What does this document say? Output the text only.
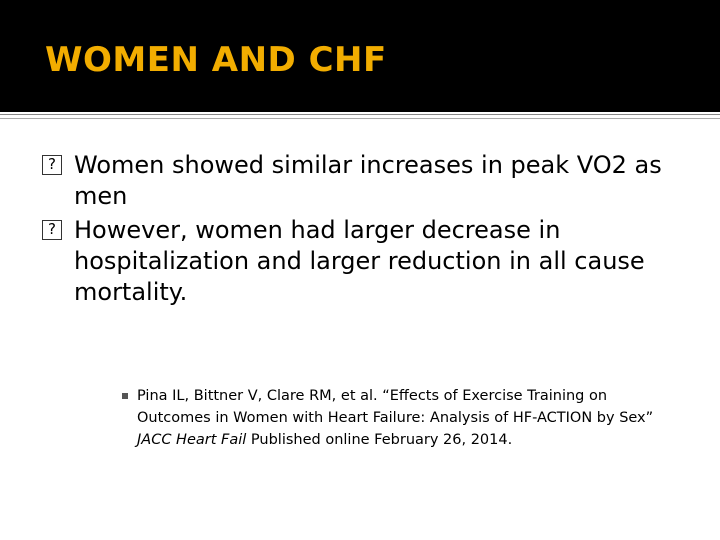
WOMEN AND CHF
? Women showed similar increases in peak VO2 as men
? However, women had larger decrease in hospitalization and larger reduction in all cause mortality.
Pina IL, Bittner V, Clare RM, et al. “Effects of Exercise Training on Outcomes in Women with Heart Failure: Analysis of HF-ACTION by Sex” JACC Heart Fail Published online February 26, 2014.
